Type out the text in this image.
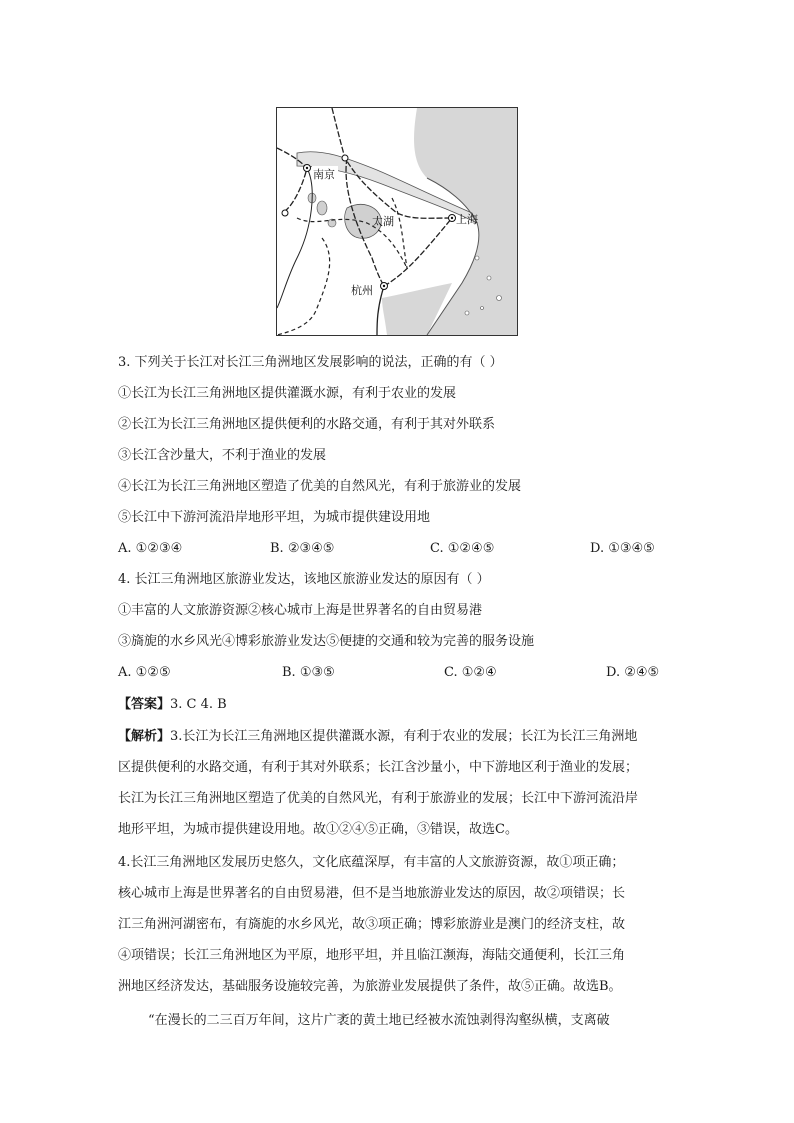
南京
太湖	上海
杭州
3. 下列关于长江对长江三角洲地区发展影响的说法，正确的有（ ）
①长江为长江三角洲地区提供灌溉水源，有利于农业的发展
②长江为长江三角洲地区提供便利的水路交通，有利于其对外联系
③长江含沙量大，不利于渔业的发展
④长江为长江三角洲地区塑造了优美的自然风光，有利于旅游业的发展
⑤长江中下游河流沿岸地形平坦，为城市提供建设用地
A. ①②③④	B. ②③④⑤	C. ①②④⑤	D. ①③④⑤
4. 长江三角洲地区旅游业发达，该地区旅游业发达的原因有（ ）
①丰富的人文旅游资源②核心城市上海是世界著名的自由贸易港
③旖旎的水乡风光④博彩旅游业发达⑤便捷的交通和较为完善的服务设施
A. ①②⑤	B. ①③⑤	C. ①②④	D. ②④⑤
【答案】3. C 4. B
【解析】3.长江为长江三角洲地区提供灌溉水源，有利于农业的发展；长江为长江三角洲地
区提供便利的水路交通，有利于其对外联系；长江含沙量小，中下游地区利于渔业的发展；
长江为长江三角洲地区塑造了优美的自然风光，有利于旅游业的发展；长江中下游河流沿岸
地形平坦，为城市提供建设用地。故①②④⑤正确，③错误，故选C。
4.长江三角洲地区发展历史悠久，文化底蕴深厚，有丰富的人文旅游资源，故①项正确；
核心城市上海是世界著名的自由贸易港，但不是当地旅游业发达的原因，故②项错误；长
江三角洲河湖密布，有旖旎的水乡风光，故③项正确；博彩旅游业是澳门的经济支柱，故
④项错误；长江三角洲地区为平原，地形平坦，并且临江濒海，海陆交通便利，长江三角
洲地区经济发达，基础服务设施较完善，为旅游业发展提供了条件，故⑤正确。故选B。
“在漫长的二三百万年间，这片广袤的黄土地已经被水流蚀剥得沟壑纵横，支离破
